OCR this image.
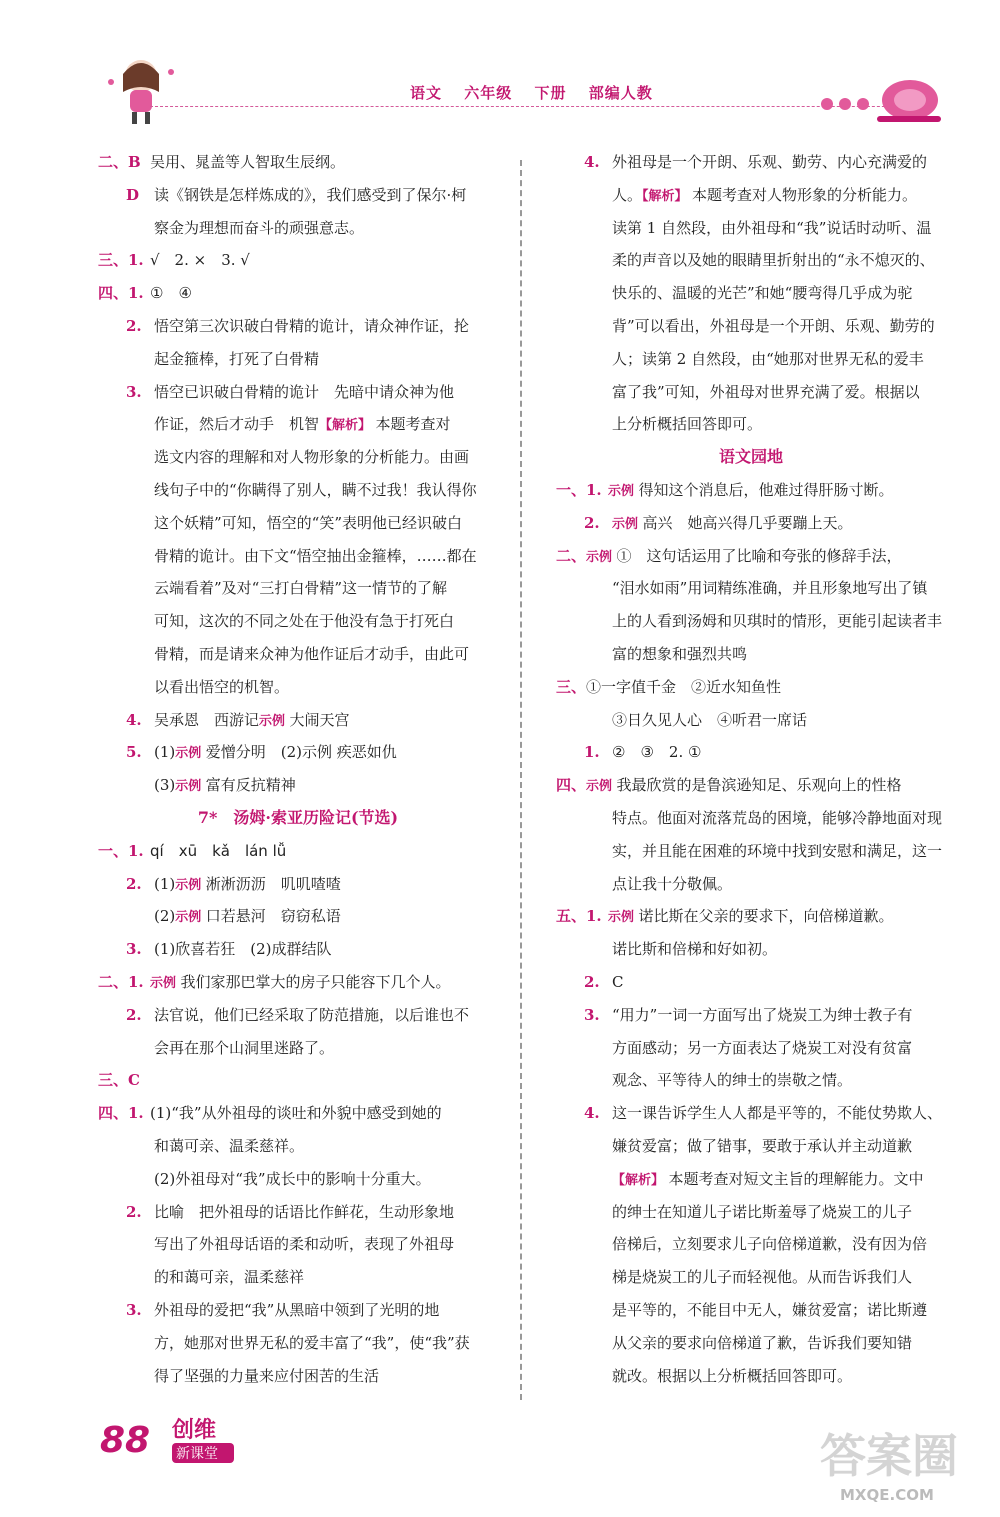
语文 六年级 下册 部编人教
二、B 吴用、晁盖等人智取生辰纲。
D 读《钢铁是怎样炼成的》，我们感受到了保尔·柯
察金为理想而奋斗的顽强意志。
三、1. √　2. ×　3. √
四、1. ①　④
2. 悟空第三次识破白骨精的诡计，请众神作证，抡
起金箍棒，打死了白骨精
3. 悟空已识破白骨精的诡计　先暗中请众神为他
作证，然后才动手　机智【解析】 本题考查对
选文内容的理解和对人物形象的分析能力。由画
线句子中的“你瞒得了别人，瞒不过我！我认得你
这个妖精”可知，悟空的“笑”表明他已经识破白
骨精的诡计。由下文“悟空抽出金箍棒，……都在
云端看着”及对“三打白骨精”这一情节的了解
可知，这次的不同之处在于他没有急于打死白
骨精，而是请来众神为他作证后才动手，由此可
以看出悟空的机智。
4. 吴承恩　西游记示例 大闹天宫
5. (1)示例 爱憎分明　(2)示例 疾恶如仇
(3)示例 富有反抗精神
7*　汤姆·索亚历险记(节选)
一、1. qí　xū　kǎ　lán lǚ
2. (1)示例 淅淅沥沥　叽叽喳喳
(2)示例 口若悬河　窃窃私语
3. (1)欣喜若狂　(2)成群结队
二、1. 示例 我们家那巴掌大的房子只能容下几个人。
2. 法官说，他们已经采取了防范措施，以后谁也不
会再在那个山洞里迷路了。
三、C
四、1. (1)“我”从外祖母的谈吐和外貌中感受到她的
和蔼可亲、温柔慈祥。
(2)外祖母对“我”成长中的影响十分重大。
2. 比喻　把外祖母的话语比作鲜花，生动形象地
写出了外祖母话语的柔和动听，表现了外祖母
的和蔼可亲，温柔慈祥
3. 外祖母的爱把“我”从黑暗中领到了光明的地
方，她那对世界无私的爱丰富了“我”，使“我”获
得了坚强的力量来应付困苦的生活
4. 外祖母是一个开朗、乐观、勤劳、内心充满爱的
人。【解析】 本题考查对人物形象的分析能力。
读第 1 自然段，由外祖母和“我”说话时动听、温
柔的声音以及她的眼睛里折射出的“永不熄灭的、
快乐的、温暖的光芒”和她“腰弯得几乎成为驼
背”可以看出，外祖母是一个开朗、乐观、勤劳的
人；读第 2 自然段，由“她那对世界无私的爱丰
富了我”可知，外祖母对世界充满了爱。根据以
上分析概括回答即可。
语文园地
一、1. 示例 得知这个消息后，他难过得肝肠寸断。
2. 示例 高兴　她高兴得几乎要蹦上天。
二、示例 ①　这句话运用了比喻和夸张的修辞手法，
“泪水如雨”用词精练准确，并且形象地写出了镇
上的人看到汤姆和贝琪时的情形，更能引起读者丰
富的想象和强烈共鸣
三、①一字值千金　②近水知鱼性
③日久见人心　④听君一席话
1. ②　③　2. ①
四、示例 我最欣赏的是鲁滨逊知足、乐观向上的性格
特点。他面对流落荒岛的困境，能够冷静地面对现
实，并且能在困难的环境中找到安慰和满足，这一
点让我十分敬佩。
五、1. 示例 诺比斯在父亲的要求下，向倍梯道歉。
诺比斯和倍梯和好如初。
2. C
3. “用力”一词一方面写出了烧炭工为绅士教子有
方面感动；另一方面表达了烧炭工对没有贫富
观念、平等待人的绅士的崇敬之情。
4. 这一课告诉学生人人都是平等的，不能仗势欺人、
嫌贫爱富；做了错事，要敢于承认并主动道歉
【解析】 本题考查对短文主旨的理解能力。文中
的绅士在知道儿子诺比斯羞辱了烧炭工的儿子
倍梯后，立刻要求儿子向倍梯道歉，没有因为倍
梯是烧炭工的儿子而轻视他。从而告诉我们人
是平等的，不能目中无人，嫌贫爱富；诺比斯遵
从父亲的要求向倍梯道了歉，告诉我们要知错
就改。根据以上分析概括回答即可。
88 创维
新课堂	答案圈
MXQE.COM
